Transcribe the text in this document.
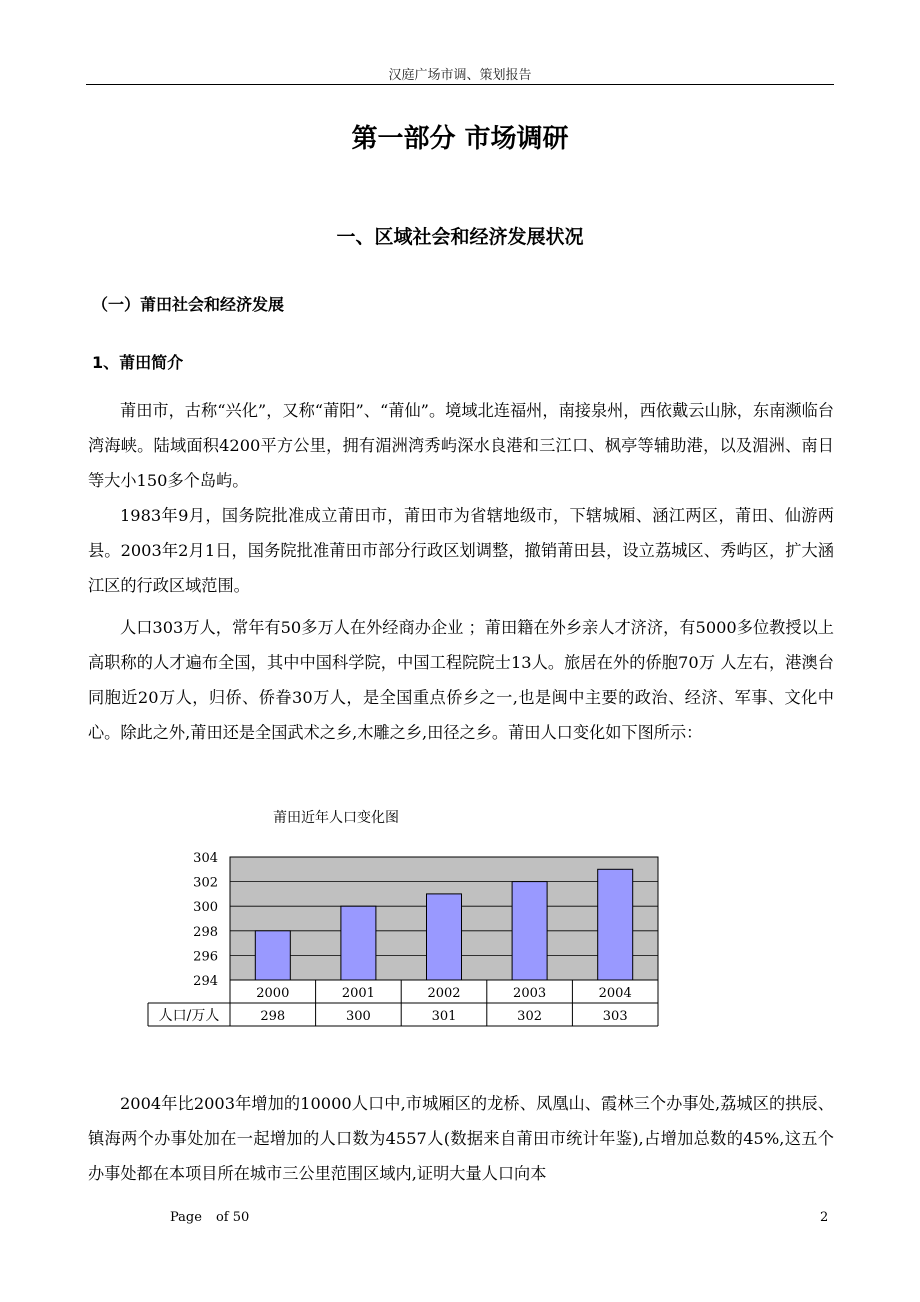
汉庭广场市调、策划报告
第一部分 市场调研
一、区域社会和经济发展状况
（一）莆田社会和经济发展
1、莆田简介

莆田市，古称“兴化”，又称“莆阳”、“莆仙”。境域北连福州，南接泉州，西依戴云山脉，东南濒临台湾海峡。陆域面积4200平方公里，拥有湄洲湾秀屿深水良港和三江口、枫亭等辅助港，以及湄洲、南日等大小150多个岛屿。

1983年9月，国务院批准成立莆田市，莆田市为省辖地级市，下辖城厢、涵江两区，莆田、仙游两县。2003年2月1日，国务院批准莆田市部分行政区划调整，撤销莆田县，设立荔城区、秀屿区，扩大涵江区的行政区域范围。

人口303万人，常年有50多万人在外经商办企业 ；莆田籍在外乡亲人才济济，有5000多位教授以上高职称的人才遍布全国，其中中国科学院，中国工程院院士13人。旅居在外的侨胞70万 人左右，港澳台同胞近20万人，归侨、侨眷30万人，是全国重点侨乡之一,也是闽中主要的政治、经济、军事、文化中心。除此之外,莆田还是全国武术之乡,木雕之乡,田径之乡。莆田人口变化如下图所示：

莆田近年人口变化图
304
302
300
298
296
294
2000
298
2001
300
2002
301
2003
302
2004
303
人口/万人

2004年比2003年增加的10000人口中,市城厢区的龙桥、凤凰山、霞林三个办事处,荔城区的拱辰、镇海两个办事处加在一起增加的人口数为4557人(数据来自莆田市统计年鉴),占增加总数的45%,这五个办事处都在本项目所在城市三公里范围区域内,证明大量人口向本

Page of 50	2
